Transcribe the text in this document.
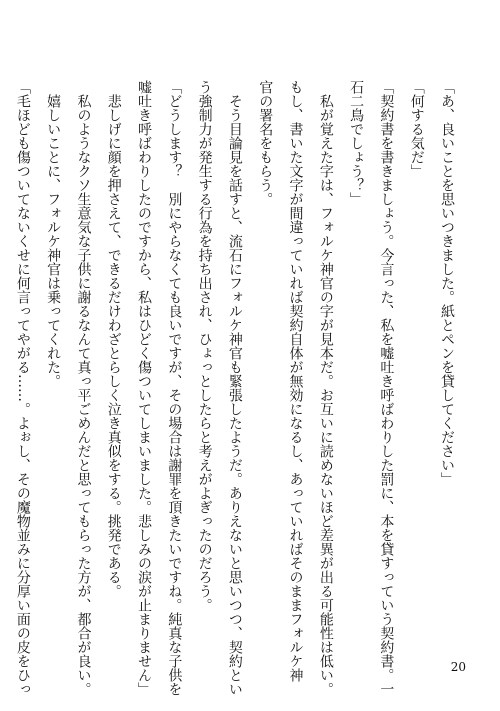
「あ、良いことを思いつきました。紙とペンを貸してください」
「何する気だ」
「契約書を書きましょう。今言った、私を嘘吐き呼ばわりした罰に、本を貸すっていう契約書。一
石二鳥でしょう？」
　私が覚えた字は、フォルケ神官の字が見本だ。お互いに読めないほど差異が出る可能性は低い。
もし、書いた文字が間違っていれば契約自体が無効になるし、あっていればそのままフォルケ神
官の署名をもらう。
　そう目論見を話すと、流石にフォルケ神官も緊張したようだ。ありえないと思いつつ、契約とい
う強制力が発生する行為を持ち出され、ひょっとしたらと考えがよぎったのだろう。
「どうします？　別にやらなくても良いですが、その場合は謝罪を頂きたいですね。純真な子供を
嘘吐き呼ばわりしたのですから、私はひどく傷ついてしまいました。悲しみの涙が止まりません」
　悲しげに顔を押さえて、できるだけわざとらしく泣き真似をする。挑発である。
　私のようなクソ生意気な子供に謝るなんて真っ平ごめんだと思ってもらった方が、都合が良い。
　嬉しいことに、フォルケ神官は乗ってくれた。
「毛ほども傷ついてないくせに何言ってやがる……。よぉし、その魔物並みに分厚い面の皮をひっ	20
